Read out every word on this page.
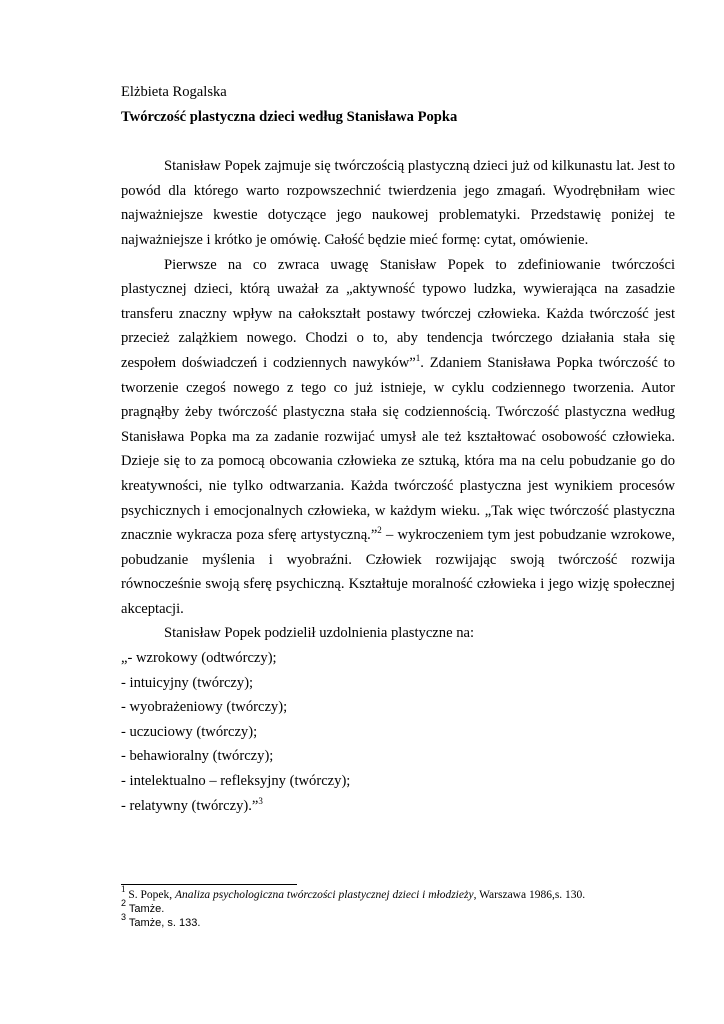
Elżbieta Rogalska

Twórczość plastyczna dzieci według Stanisława Popka

Stanisław Popek zajmuje się twórczością plastyczną dzieci już od kilkunastu lat. Jest to powód dla którego warto rozpowszechnić twierdzenia jego zmagań. Wyodrębniłam wiec najważniejsze kwestie dotyczące jego naukowej problematyki. Przedstawię poniżej te najważniejsze i krótko je omówię. Całość będzie mieć formę: cytat, omówienie.

Pierwsze na co zwraca uwagę Stanisław Popek to zdefiniowanie twórczości plastycznej dzieci, którą uważał za „aktywność typowo ludzka, wywierająca na zasadzie transferu znaczny wpływ na całokształt postawy twórczej człowieka. Każda twórczość jest przecież zalążkiem nowego. Chodzi o to, aby tendencja twórczego działania stała się zespołem doświadczeń i codziennych nawyków”$^1$. Zdaniem Stanisława Popka twórczość to tworzenie czegoś nowego z tego co już istnieje, w cyklu codziennego tworzenia. Autor pragnąłby żeby twórczość plastyczna stała się codziennością. Twórczość plastyczna według Stanisława Popka ma za zadanie rozwijać umysł ale też kształtować osobowość człowieka. Dzieje się to za pomocą obcowania człowieka ze sztuką, która ma na celu pobudzanie go do kreatywności, nie tylko odtwarzania. Każda twórczość plastyczna jest wynikiem procesów psychicznych i emocjonalnych człowieka, w każdym wieku. „Tak więc twórczość plastyczna znacznie wykracza poza sferę artystyczną.”$^2$ – wykroczeniem tym jest pobudzanie wzrokowe, pobudzanie myślenia i wyobraźni. Człowiek rozwijając swoją twórczość rozwija równocześnie swoją sferę psychiczną. Kształtuje moralność człowieka i jego wizję społecznej akceptacji.

Stanisław Popek podzielił uzdolnienia plastyczne na:

„- wzrokowy (odtwórczy);
- intuicyjny (twórczy);
- wyobrażeniowy (twórczy);
- uczuciowy (twórczy);
- behawioralny (twórczy);
- intelektualno – refleksyjny (twórczy);
- relatywny (twórczy).”$^3$

$^1$ S. Popek, Analiza psychologiczna twórczości plastycznej dzieci i młodzieży, Warszawa 1986,s. 130.

$^2$ Tamże.

$^3$ Tamże, s. 133.
